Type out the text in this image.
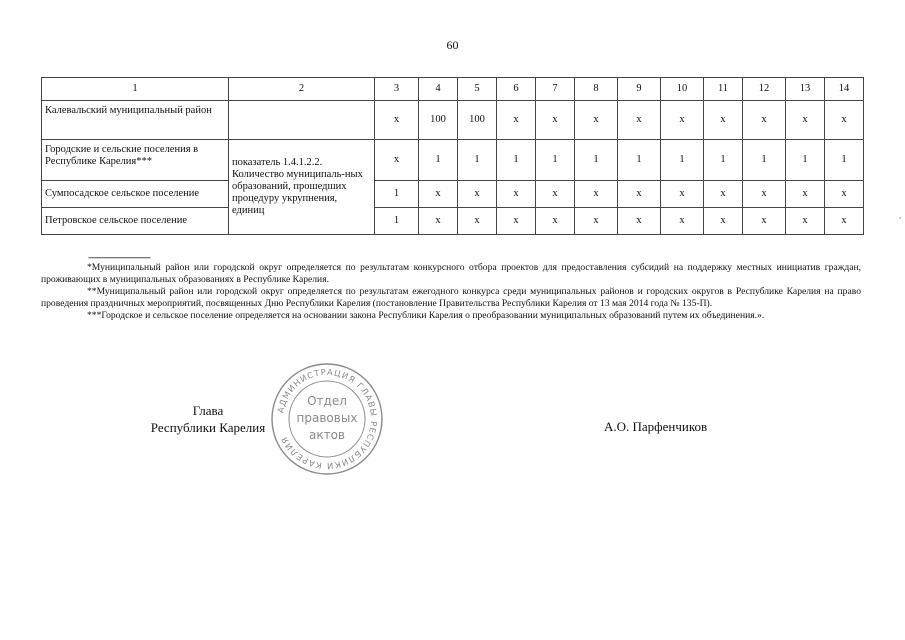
60
1	2	3	4	5	6	7	8	9	10	11	12	13	14
Калевальский муниципальный район		х	100	100	х	х	х	х	х	х	х	х	х
Городские и сельские поселения в Республике Карелия***	показатель 1.4.1.2.2. Количество муниципаль-ных образований, прошедших процедуру укрупнения, единиц	х	1	1	1	1	1	1	1	1	1	1	1
Сумпосадское сельское поселение		1	х	х	х	х	х	х	х	х	х	х	х
Петровское сельское поселение		1	х	х	х	х	х	х	х	х	х	х	х	,
-------------------------------

*Муниципальный район или городской округ определяется по результатам конкурсного отбора проектов для предоставления субсидий на поддержку местных инициатив граждан, проживающих в муниципальных образованиях в Республике Карелия.

**Муниципальный район или городской округ определяется по результатам ежегодного конкурса среди муниципальных районов и городских округов в Республике Карелия на право проведения праздничных мероприятий, посвященных Дню Республики Карелия (постановление Правительства Республики Карелия от 13 мая 2014 года № 135-П).

***Городское и сельское поселение определяется на основании закона Республики Карелия о преобразовании муниципальных образований путем их объединения.».

Глава
Республики Карелия
АДМИНИСТРАЦИЯ ГЛАВЫ РЕСПУБЛИКИ КАРЕЛИЯ
Отдел
правовых
актов
А.О. Парфенчиков
